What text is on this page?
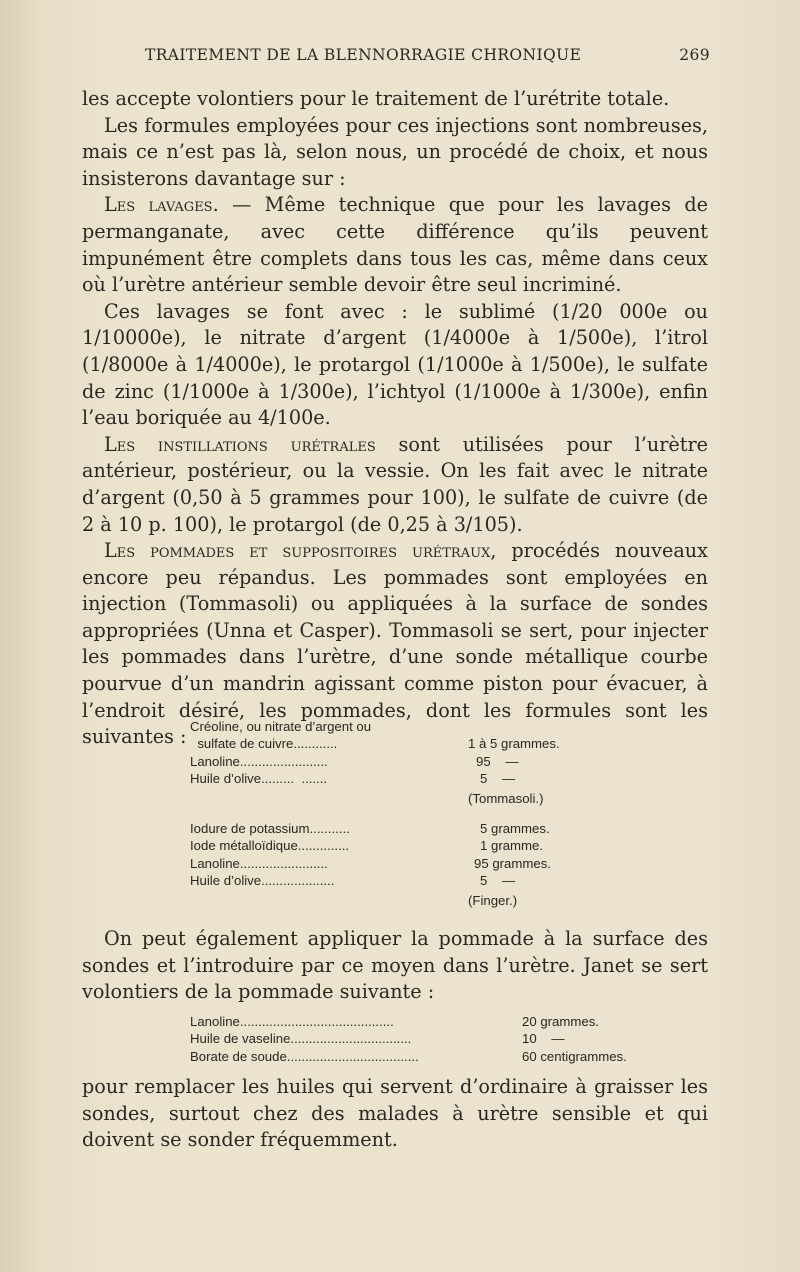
TRAITEMENT DE LA BLENNORRAGIE CHRONIQUE	269

les accepte volontiers pour le traitement de l’urétrite totale.

Les formules employées pour ces injections sont nombreuses, mais ce n’est pas là, selon nous, un procédé de choix, et nous insisterons davantage sur :

Les lavages. — Même technique que pour les lavages de permanganate, avec cette différence qu’ils peuvent impunément être complets dans tous les cas, même dans ceux où l’urètre antérieur semble devoir être seul incriminé.

Ces lavages se font avec : le sublimé (1/20 000e ou 1/10000e), le nitrate d’argent (1/4000e à 1/500e), l’itrol (1/8000e à 1/4000e), le protargol (1/1000e à 1/500e), le sulfate de zinc (1/1000e à 1/300e), l’ichtyol (1/1000e à 1/300e), enfin l’eau boriquée au 4/100e.

Les instillations urétrales sont utilisées pour l’urètre antérieur, postérieur, ou la vessie. On les fait avec le nitrate d’argent (0,50 à 5 grammes pour 100), le sulfate de cuivre (de 2 à 10 p. 100), le protargol (de 0,25 à 3/105).

Les pommades et suppositoires urétraux, procédés nouveaux encore peu répandus. Les pommades sont employées en injection (Tommasoli) ou appliquées à la surface de sondes appropriées (Unna et Casper). Tommasoli se sert, pour injecter les pommades dans l’urètre, d’une sonde métallique courbe pourvue d’un mandrin agissant comme piston pour évacuer, à l’endroit désiré, les pommades, dont les formules sont les suivantes : Créoline, ou nitrate d’argent ou
sulfate de cuivre............	1 à 5 grammes.
Lanoline........................	95    —
Huile d’olive.........  .......	5    —
(Tommasoli.)
Iodure de potassium...........	5 grammes.
Iode métalloïdique..............	1 gramme.
Lanoline........................	95 grammes.
Huile d’olive....................	5    —
(Finger.)

On peut également appliquer la pommade à la surface des sondes et l’introduire par ce moyen dans l’urètre. Janet se sert volontiers de la pommade suivante :

Lanoline..........................................	20 grammes.
Huile de vaseline.................................	10    —
Borate de soude....................................	60 centigrammes.

pour remplacer les huiles qui servent d’ordinaire à graisser les sondes, surtout chez des malades à urètre sensible et qui doivent se sonder fréquemment.
